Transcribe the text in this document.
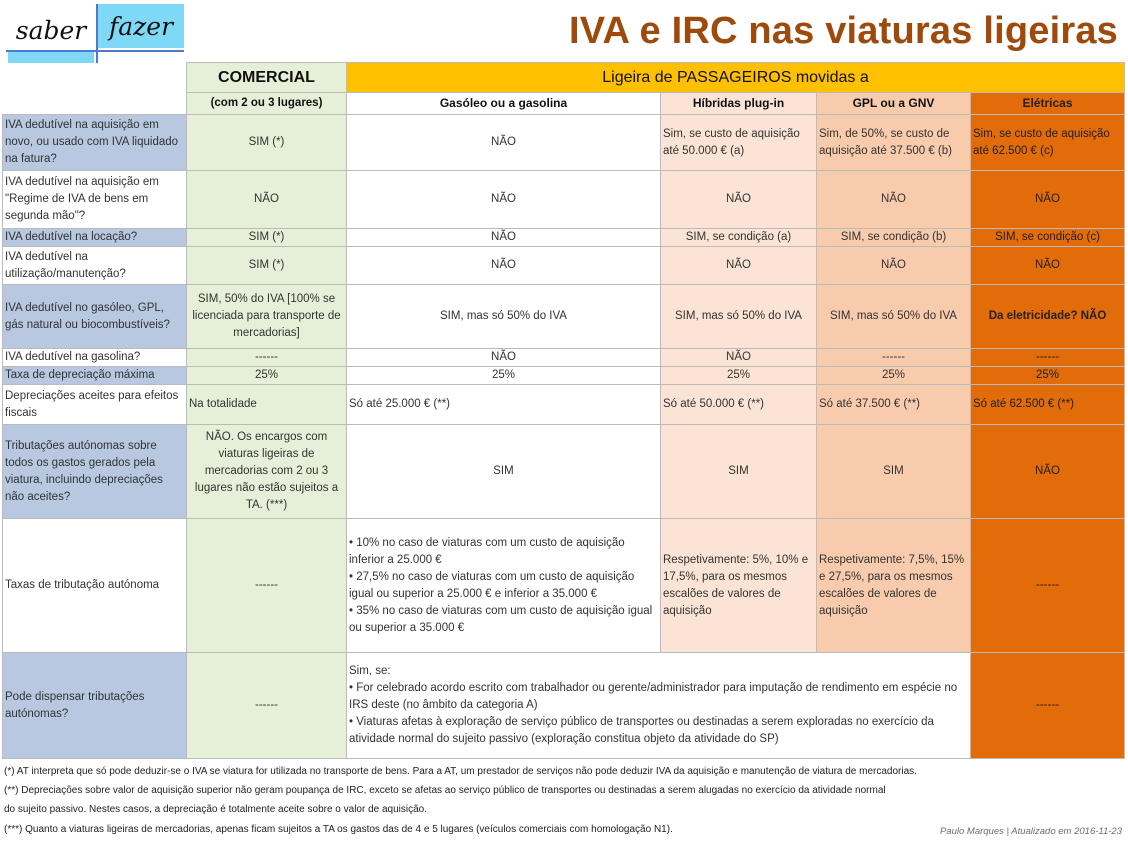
saber fazer	IVA e IRC nas viaturas ligeiras
	COMERCIAL	Ligeira de PASSAGEIROS movidas a			
	(com 2 ou 3 lugares)	Gasóleo ou a gasolina	Híbridas plug-in	GPL ou a GNV	Elétricas
IVA dedutível na aquisição em novo, ou usado com IVA liquidado na fatura?	SIM (*)	NÃO	Sim, se custo de aquisição até 50.000 € (a)	Sim, de 50%, se custo de aquisição até 37.500 € (b)	Sim, se custo de aquisição até 62.500 € (c)
IVA dedutível na aquisição em "Regime de IVA de bens em segunda mão"?	NÃO	NÃO	NÃO	NÃO	NÃO
IVA dedutível na locação?	SIM (*)	NÃO	SIM, se condição (a)	SIM, se condição (b)	SIM, se condição (c)
IVA dedutível na utilização/manutenção?	SIM (*)	NÃO	NÃO	NÃO	NÃO
IVA dedutível no gasóleo, GPL, gás natural ou biocombustíveis?	SIM, 50% do IVA [100% se licenciada para transporte de mercadorias]	SIM, mas só 50% do IVA	SIM, mas só 50% do IVA	SIM, mas só 50% do IVA	Da eletricidade? NÃO
IVA dedutível na gasolina?	------	NÃO	NÃO	------	------
Taxa de depreciação máxima	25%	25%	25%	25%	25%
Depreciações aceites para efeitos fiscais	Na totalidade	Só até 25.000 € (**)	Só até 50.000 € (**)	Só até 37.500 € (**)	Só até 62.500 € (**)
Tributações autónomas sobre todos os gastos gerados pela viatura, incluindo depreciações não aceites?	NÃO. Os encargos com viaturas ligeiras de mercadorias com 2 ou 3 lugares não estão sujeitos a TA. (***)	SIM	SIM	SIM	NÃO
Taxas de tributação autónoma	------	• 10% no caso de viaturas com um custo de aquisição inferior a 25.000 €
• 27,5% no caso de viaturas com um custo de aquisição igual ou superior a 25.000 € e inferior a 35.000 €
• 35% no caso de viaturas com um custo de aquisição igual ou superior a 35.000 €	Respetivamente: 5%, 10% e 17,5%, para os mesmos escalões de valores de aquisição	Respetivamente: 7,5%, 15% e 27,5%, para os mesmos escalões de valores de aquisição	------
Pode dispensar tributações autónomas?	------	Sim, se:
• For celebrado acordo escrito com trabalhador ou gerente/administrador para imputação de rendimento em espécie no IRS deste (no âmbito da categoria A)
• Viaturas afetas à exploração de serviço público de transportes ou destinadas a serem exploradas no exercício da atividade normal do sujeito passivo (exploração constitua objeto da atividade do SP)			------
(*) AT interpreta que só pode deduzir-se o IVA se viatura for utilizada no transporte de bens. Para a AT, um prestador de serviços não pode deduzir IVA da aquisição e manutenção de viatura de mercadorias.
(**) Depreciações sobre valor de aquisição superior não geram poupança de IRC, exceto se afetas ao serviço público de transportes ou destinadas a serem alugadas no exercício da atividade normal
do sujeito passivo. Nestes casos, a depreciação é totalmente aceite sobre o valor de aquisição.
(***) Quanto a viaturas ligeiras de mercadorias, apenas ficam sujeitos a TA os gastos das de 4 e 5 lugares (veículos comerciais com homologação N1).	Paulo Marques | Atualizado em 2016-11-23
